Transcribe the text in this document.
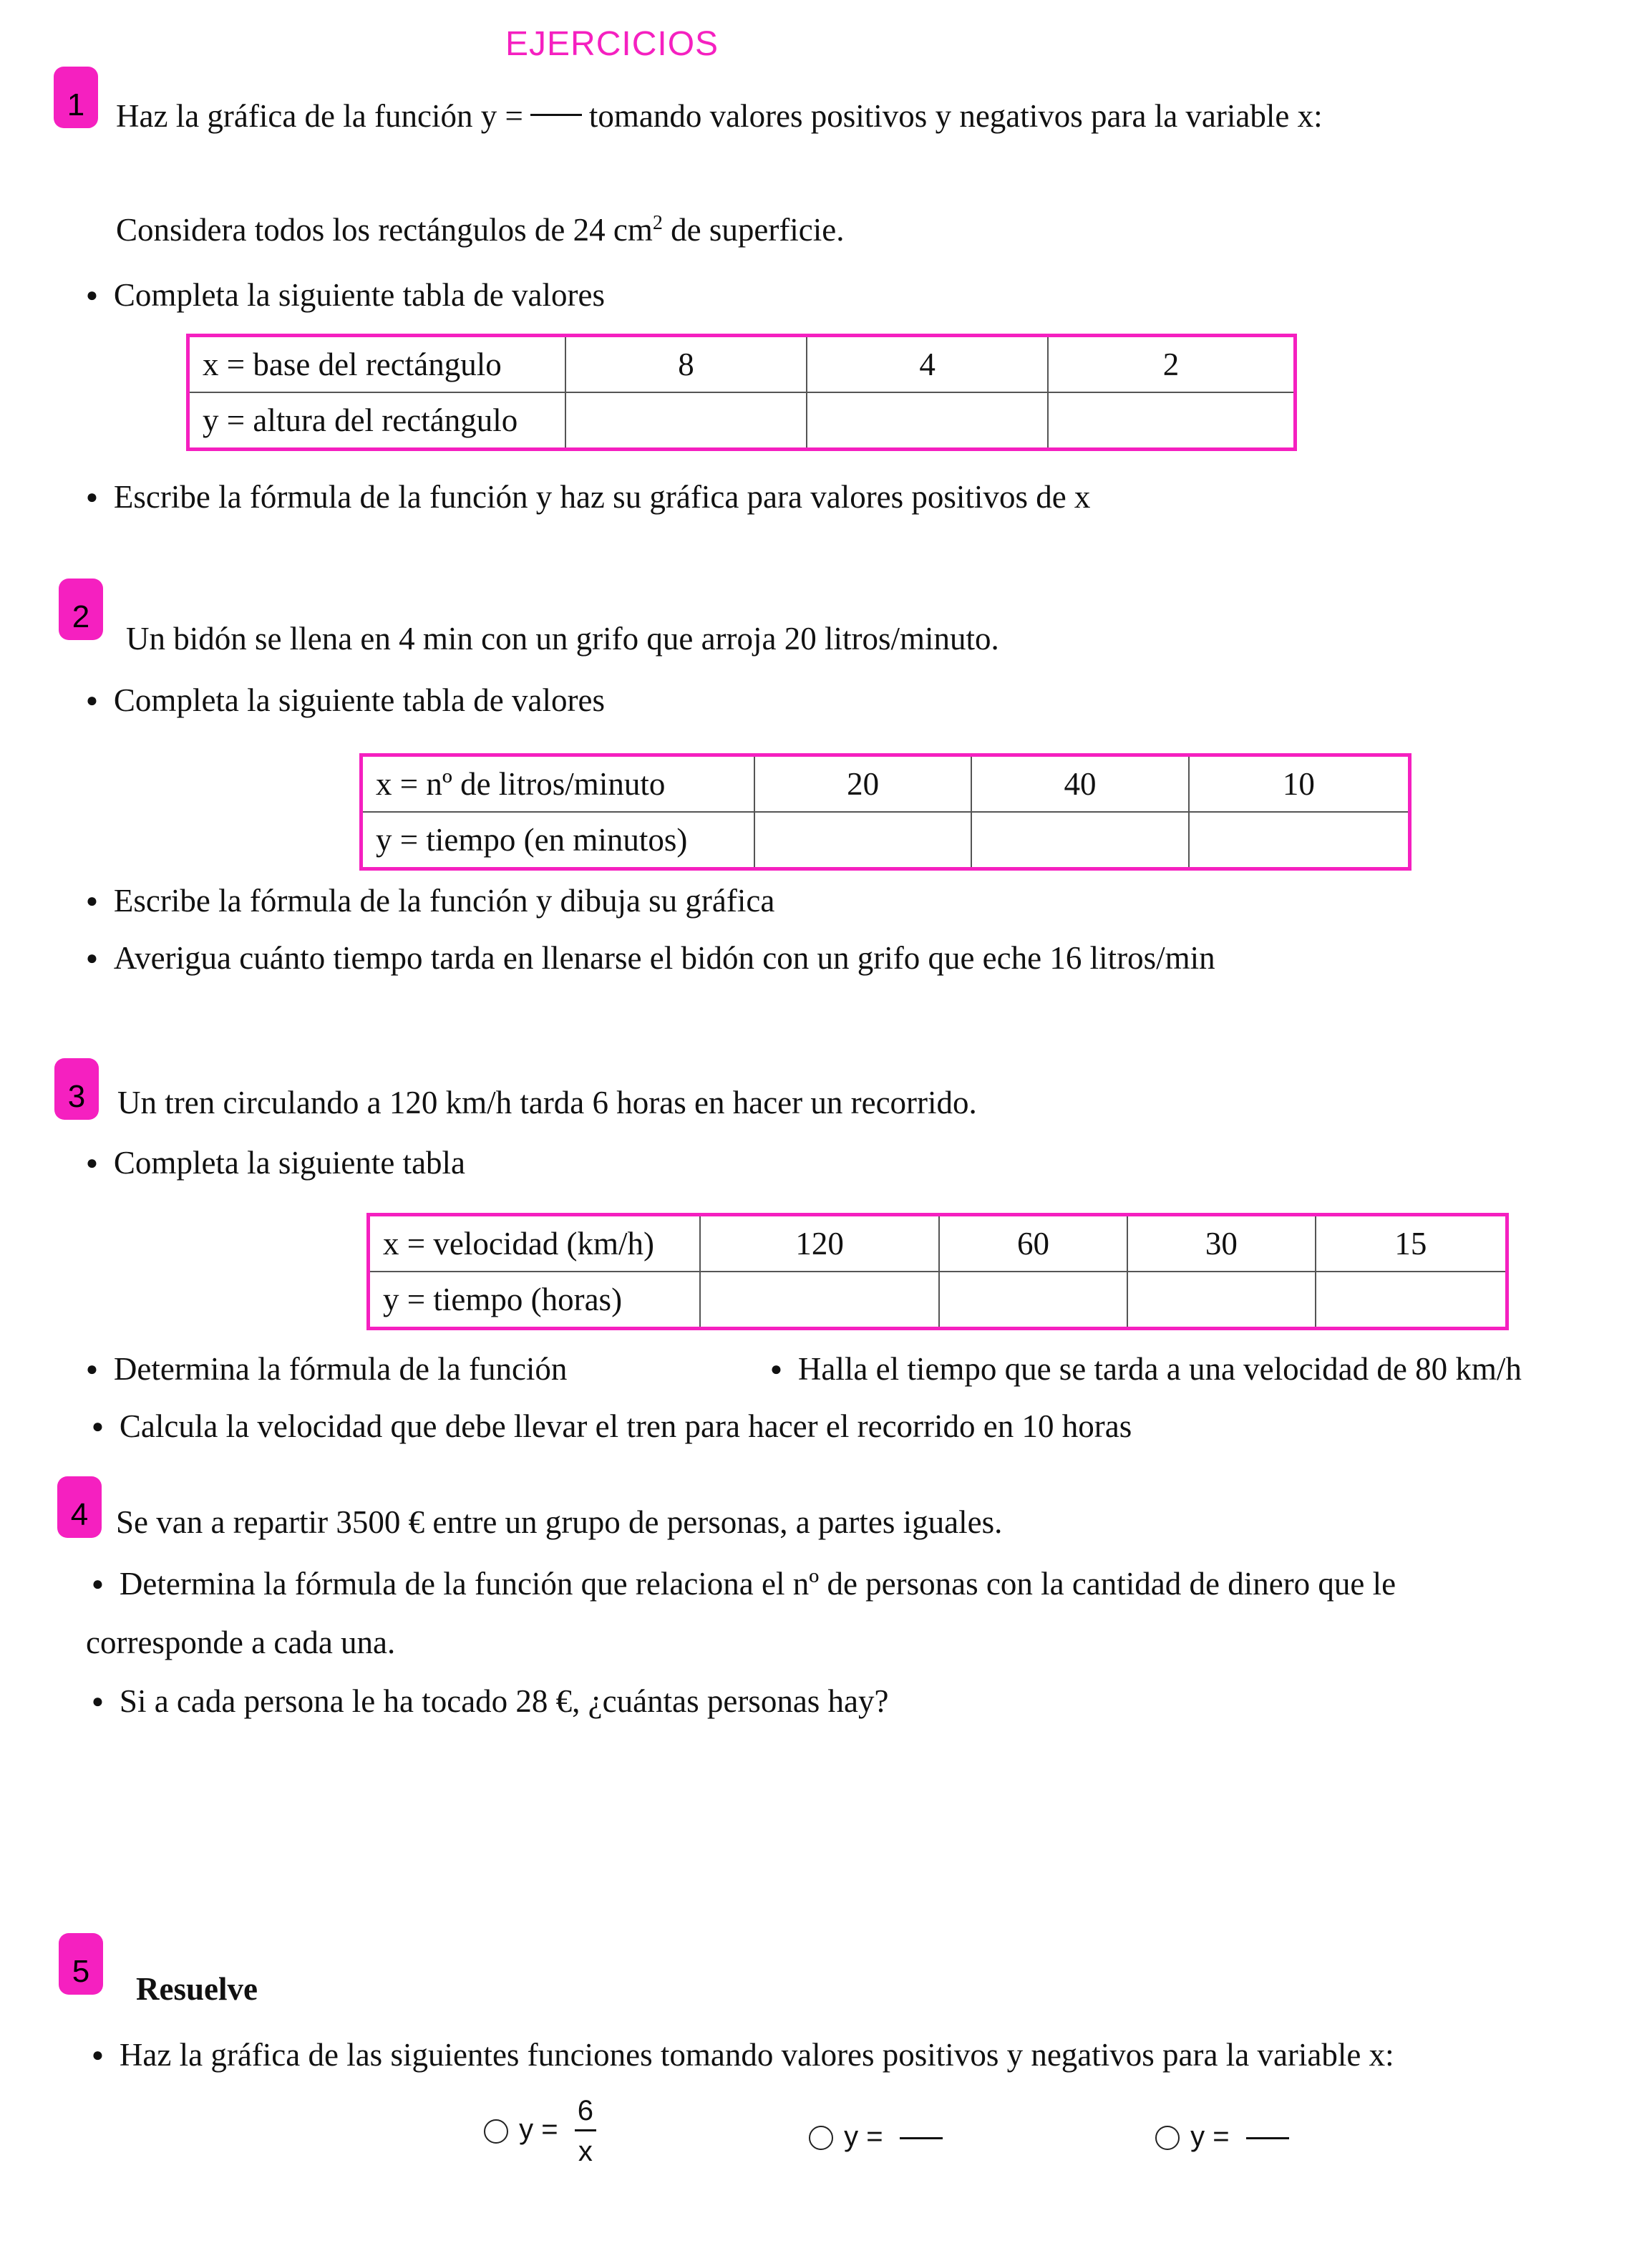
EJERCICIOS
1 Haz la gráfica de la función y = tomando valores positivos y negativos para la variable x:
Considera todos los rectángulos de 24 $cm^2$ de superficie.
● Completa la siguiente tabla de valores
x = base del rectángulo	8	4	2
y = altura del rectángulo			
● Escribe la fórmula de la función y haz su gráfica para valores positivos de x
2
Un bidón se llena en 4 min con un grifo que arroja 20 litros/minuto.
● Completa la siguiente tabla de valores
x = nº de litros/minuto	20	40	10
y = tiempo (en minutos)			
● Escribe la fórmula de la función y dibuja su gráfica
● Averigua cuánto tiempo tarda en llenarse el bidón con un grifo que eche 16 litros/min
3 Un tren circulando a 120 km/h tarda 6 horas en hacer un recorrido.
● Completa la siguiente tabla
x = velocidad (km/h)	120	60	30	15
y = tiempo (horas)				
● Determina la fórmula de la función	● Halla el tiempo que se tarda a una velocidad de 80 km/h
● Calcula la velocidad que debe llevar el tren para hacer el recorrido en 10 horas
4 Se van a repartir 3500 € entre un grupo de personas, a partes iguales.
● Determina la fórmula de la función que relaciona el nº de personas con la cantidad de dinero que le
corresponde a cada una.
● Si a cada persona le ha tocado 28 €, ¿cuántas personas hay?
5 Resuelve
● Haz la gráfica de las siguientes funciones tomando valores positivos y negativos para la variable x:
$y = \frac{6}{x}$	y =	y =
